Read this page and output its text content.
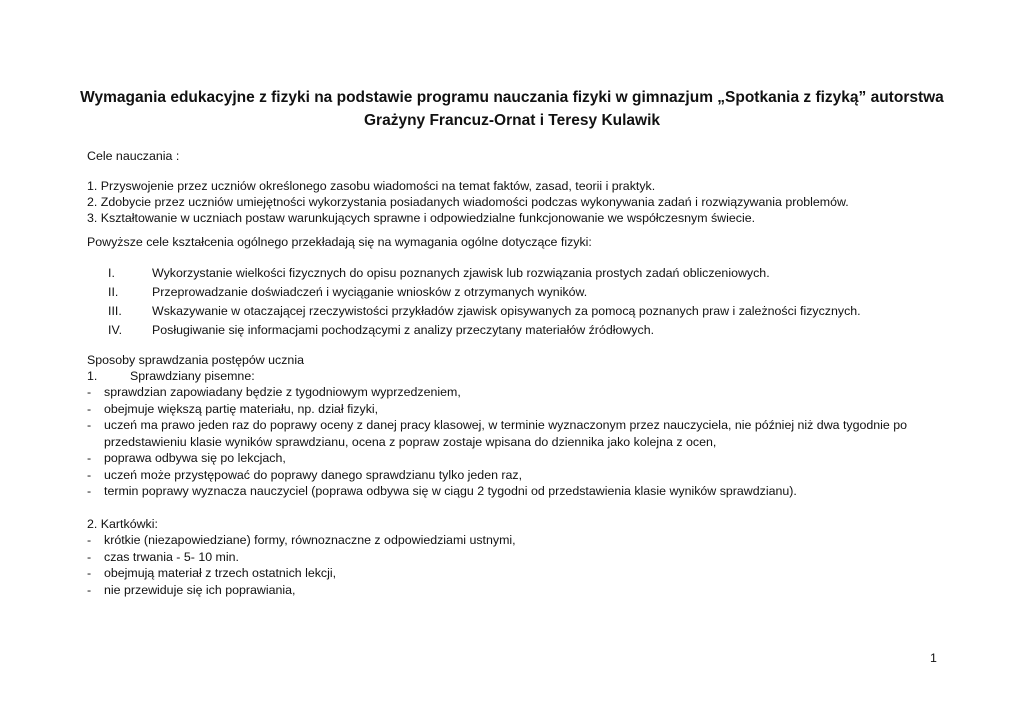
Wymagania edukacyjne z fizyki na podstawie programu nauczania fizyki w gimnazjum „Spotkania z fizyką” autorstwa
Grażyny Francuz-Ornat i Teresy Kulawik
Cele nauczania :
1. Przyswojenie przez uczniów określonego zasobu wiadomości na temat faktów, zasad, teorii i praktyk.
2. Zdobycie przez uczniów umiejętności wykorzystania posiadanych wiadomości podczas wykonywania zadań i rozwiązywania problemów.
3. Kształtowanie w uczniach postaw warunkujących sprawne i odpowiedzialne funkcjonowanie we współczesnym świecie.
Powyższe cele kształcenia ogólnego przekładają się na wymagania ogólne dotyczące fizyki:
I.	Wykorzystanie wielkości fizycznych do opisu poznanych zjawisk lub rozwiązania prostych zadań obliczeniowych.
II.	Przeprowadzanie doświadczeń i wyciąganie wniosków z otrzymanych wyników.
III. Wskazywanie w otaczającej rzeczywistości przykładów zjawisk opisywanych za pomocą poznanych praw i zależności fizycznych.
IV. Posługiwanie się informacjami pochodzącymi z analizy przeczytany materiałów źródłowych.
Sposoby sprawdzania postępów ucznia
1.	Sprawdziany pisemne:
- sprawdzian zapowiadany będzie z tygodniowym wyprzedzeniem,
- obejmuje większą partię materiału, np. dział fizyki,
- uczeń ma prawo jeden raz do poprawy oceny z danej pracy klasowej, w terminie wyznaczonym przez nauczyciela, nie później niż dwa tygodnie po
przedstawieniu klasie wyników sprawdzianu, ocena z popraw zostaje wpisana do dziennika jako kolejna z ocen,
- poprawa odbywa się po lekcjach,
- uczeń może przystępować do poprawy danego sprawdzianu tylko jeden raz,
- termin poprawy wyznacza nauczyciel (poprawa odbywa się w ciągu 2 tygodni od przedstawienia klasie wyników sprawdzianu).
2. Kartkówki:
- krótkie (niezapowiedziane) formy, równoznaczne z odpowiedziami ustnymi,
- czas trwania - 5- 10 min.
- obejmują materiał z trzech ostatnich lekcji,
- nie przewiduje się ich poprawiania,
1
